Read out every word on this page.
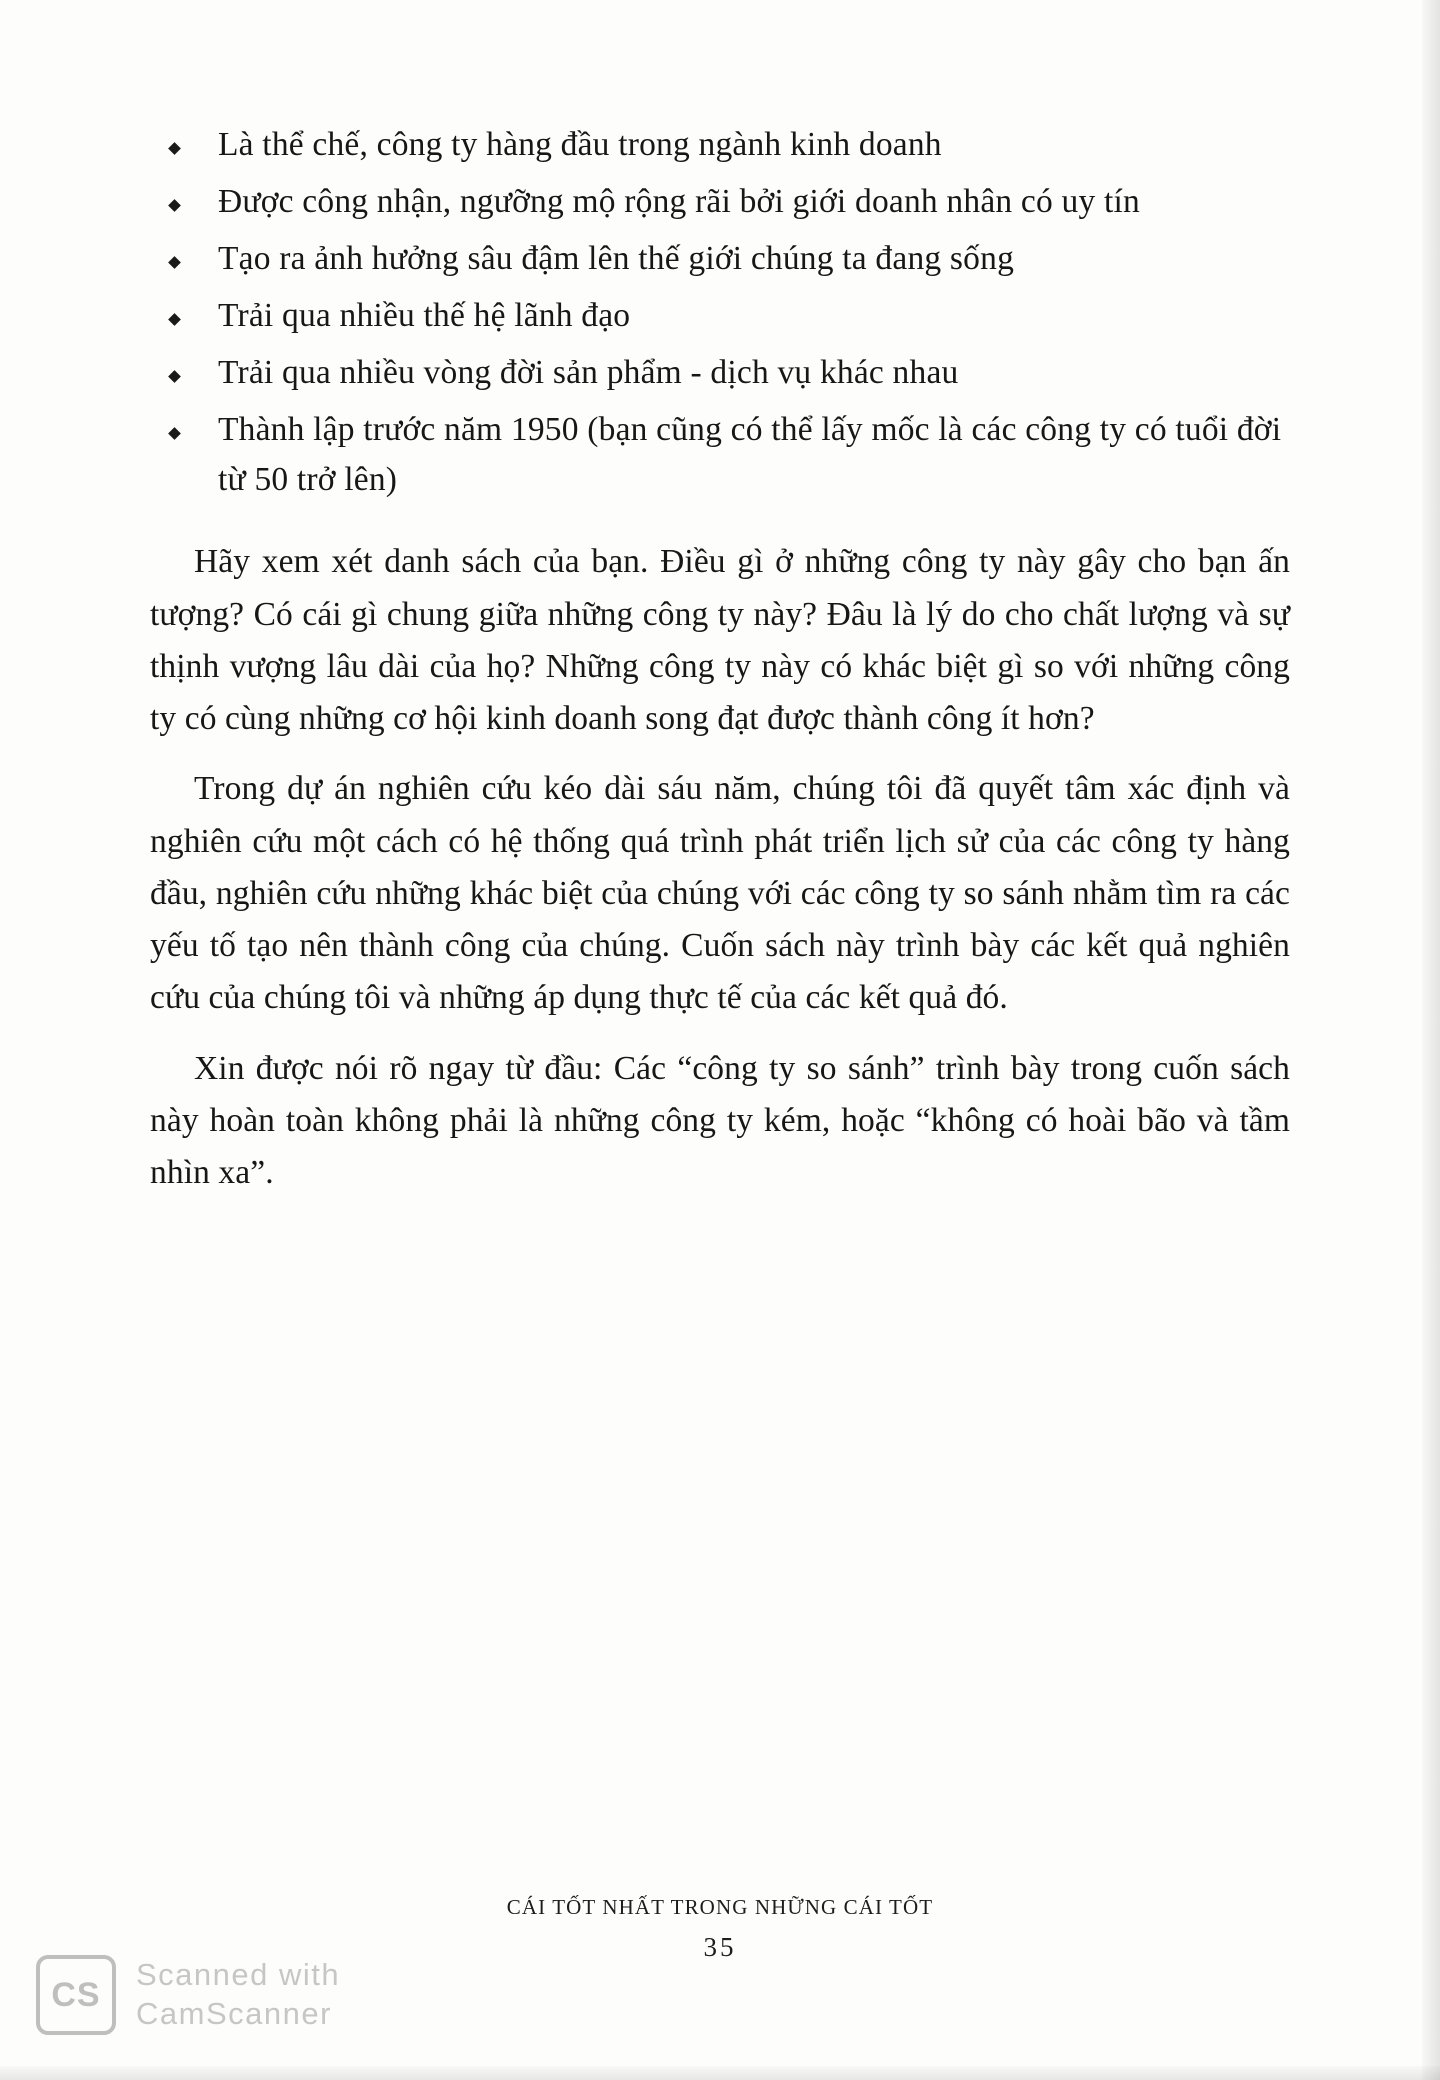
Là thể chế, công ty hàng đầu trong ngành kinh doanh
Được công nhận, ngưỡng mộ rộng rãi bởi giới doanh nhân có uy tín
Tạo ra ảnh hưởng sâu đậm lên thế giới chúng ta đang sống
Trải qua nhiều thế hệ lãnh đạo
Trải qua nhiều vòng đời sản phẩm - dịch vụ khác nhau
Thành lập trước năm 1950 (bạn cũng có thể lấy mốc là các công ty có tuổi đời từ 50 trở lên)

Hãy xem xét danh sách của bạn. Điều gì ở những công ty này gây cho bạn ấn tượng? Có cái gì chung giữa những công ty này? Đâu là lý do cho chất lượng và sự thịnh vượng lâu dài của họ? Những công ty này có khác biệt gì so với những công ty có cùng những cơ hội kinh doanh song đạt được thành công ít hơn?

Trong dự án nghiên cứu kéo dài sáu năm, chúng tôi đã quyết tâm xác định và nghiên cứu một cách có hệ thống quá trình phát triển lịch sử của các công ty hàng đầu, nghiên cứu những khác biệt của chúng với các công ty so sánh nhằm tìm ra các yếu tố tạo nên thành công của chúng. Cuốn sách này trình bày các kết quả nghiên cứu của chúng tôi và những áp dụng thực tế của các kết quả đó.

Xin được nói rõ ngay từ đầu: Các “công ty so sánh” trình bày trong cuốn sách này hoàn toàn không phải là những công ty kém, hoặc “không có hoài bão và tầm nhìn xa”.

CÁI TỐT NHẤT TRONG NHỮNG CÁI TỐT
35
CS
Scanned with
CamScanner
